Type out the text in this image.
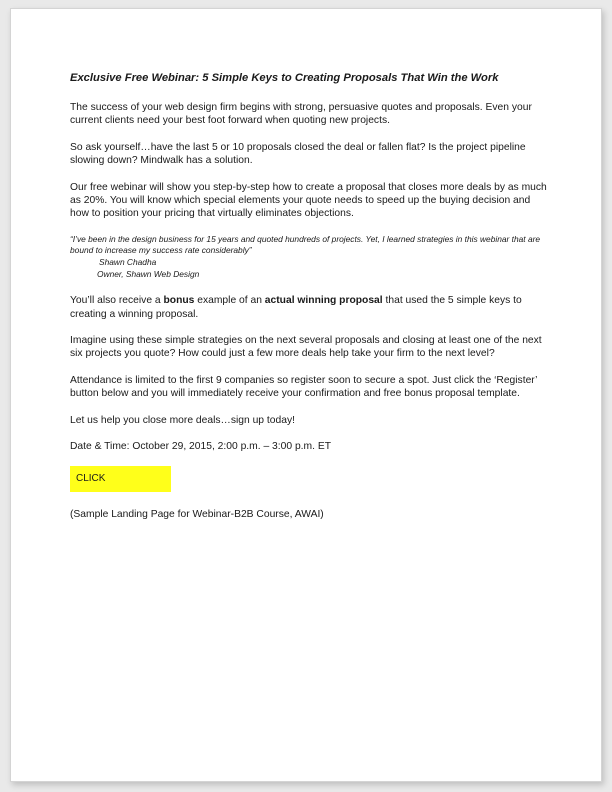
Exclusive Free Webinar: 5 Simple Keys to Creating Proposals That Win the Work

The success of your web design firm begins with strong, persuasive quotes and proposals. Even your current clients need your best foot forward when quoting new projects.

So ask yourself…have the last 5 or 10 proposals closed the deal or fallen flat? Is the project pipeline slowing down? Mindwalk has a solution.

Our free webinar will show you step-by-step how to create a proposal that closes more deals by as much as 20%. You will know which special elements your quote needs to speed up the buying decision and how to position your pricing that virtually eliminates objections.

“I’ve been in the design business for 15 years and quoted hundreds of projects. Yet, I learned strategies in this webinar that are bound to increase my success rate considerably”
Shawn Chadha
Owner, Shawn Web Design

You’ll also receive a bonus example of an actual winning proposal that used the 5 simple keys to creating a winning proposal.

Imagine using these simple strategies on the next several proposals and closing at least one of the next six projects you quote? How could just a few more deals help take your firm to the next level?

Attendance is limited to the first 9 companies so register soon to secure a spot. Just click the ‘Register’ button below and you will immediately receive your confirmation and free bonus proposal template.

Let us help you close more deals…sign up today!

Date & Time: October 29, 2015, 2:00 p.m. – 3:00 p.m. ET

CLICK

(Sample Landing Page for Webinar-B2B Course, AWAI)
